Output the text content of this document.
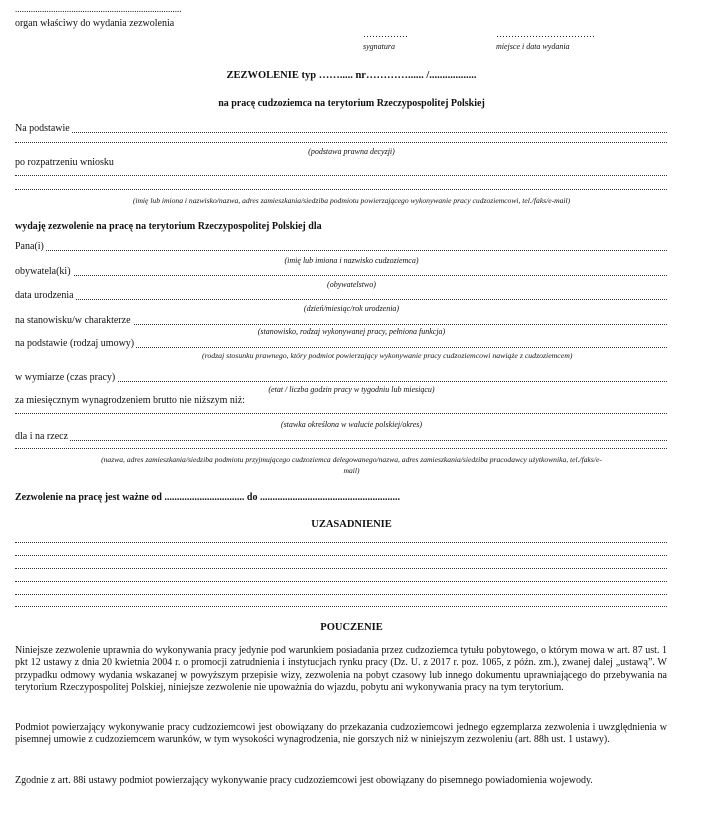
..........................................................................
organ właściwy do wydania zezwolenia
……………
sygnatura
……………………………
miejsce i data wydania
ZEZWOLENIE typ ……..... nr…………...... /..................
na pracę cudzoziemca na terytorium Rzeczypospolitej Polskiej
Na podstawie
(podstawa prawna decyzji)
po rozpatrzeniu wniosku
(imię lub imiona i nazwisko/nazwa, adres zamieszkania/siedziba podmiotu powierzającego wykonywanie pracy cudzoziemcowi, tel./faks/e-mail)
wydaję zezwolenie na pracę na terytorium Rzeczypospolitej Polskiej dla
Pana(i)
(imię lub imiona i nazwisko cudzoziemca)
obywatela(ki)
(obywatelstwo)
data urodzenia
(dzień/miesiąc/rok urodzenia)
na stanowisku/w charakterze
(stanowisko, rodzaj wykonywanej pracy, pełniona funkcja)
na podstawie (rodzaj umowy)
(rodzaj stosunku prawnego, który podmiot powierzający wykonywanie pracy cudzoziemcowi nawiąże z cudzoziemcem)
w wymiarze (czas pracy)
(etat / liczba godzin pracy w tygodniu lub miesiącu)
za miesięcznym wynagrodzeniem brutto nie niższym niż:
(stawka określona w walucie polskiej/okres)
dla i na rzecz
(nazwa, adres zamieszkania/siedziba podmiotu przyjmującego cudzoziemca delegowanego/nazwa, adres zamieszkania/siedziba pracodawcy użytkownika, tel./faks/e-
mail)
Zezwolenie na pracę jest ważne od ................................ do ........................................................
UZASADNIENIE
POUCZENIE

Niniejsze zezwolenie uprawnia do wykonywania pracy jedynie pod warunkiem posiadania przez cudzoziemca tytułu pobytowego, o którym mowa w art. 87 ust. 1 pkt 12 ustawy z dnia 20 kwietnia 2004 r. o promocji zatrudnienia i instytucjach rynku pracy (Dz. U. z 2017 r. poz. 1065, z późn. zm.), zwanej dalej „ustawą”. W przypadku odmowy wydania wskazanej w powyższym przepisie wizy, zezwolenia na pobyt czasowy lub innego dokumentu uprawniającego do przebywania na terytorium Rzeczypospolitej Polskiej, niniejsze zezwolenie nie upoważnia do wjazdu, pobytu ani wykonywania pracy na tym terytorium.

Podmiot powierzający wykonywanie pracy cudzoziemcowi jest obowiązany do przekazania cudzoziemcowi jednego egzemplarza zezwolenia i uwzględnienia w pisemnej umowie z cudzoziemcem warunków, w tym wysokości wynagrodzenia, nie gorszych niż w niniejszym zezwoleniu (art. 88h ust. 1 ustawy).

Zgodnie z art. 88i ustawy podmiot powierzający wykonywanie pracy cudzoziemcowi jest obowiązany do pisemnego powiadomienia wojewody.
